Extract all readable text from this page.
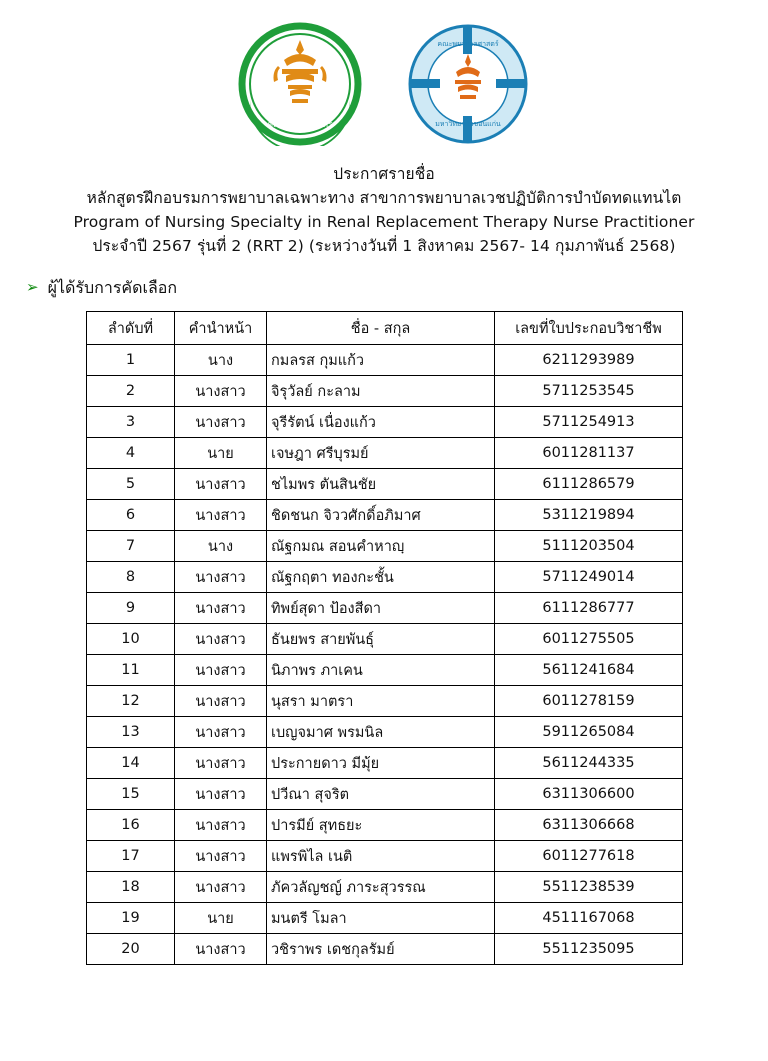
คณะแพทยศาสตร์
คณะพยาบาลศาสตร์
มหาวิทยาลัยขอนแก่น
ประกาศรายชื่อ
หลักสูตรฝึกอบรมการพยาบาลเฉพาะทาง สาขาการพยาบาลเวชปฏิบัติการบำบัดทดแทนไต
Program of Nursing Specialty in Renal Replacement Therapy Nurse Practitioner
ประจำปี 2567 รุ่นที่ 2 (RRT 2) (ระหว่างวันที่ 1 สิงหาคม 2567- 14 กุมภาพันธ์ 2568)
➢ ผู้ได้รับการคัดเลือก
ลำดับที่	คำนำหน้า	ชื่อ - สกุล	เลขที่ใบประกอบวิชาชีพ
1	นาง	กมลรส กุมแก้ว	6211293989
2	นางสาว	จิรุวัลย์ กะลาม	5711253545
3	นางสาว	จุรีรัตน์ เนื่องแก้ว	5711254913
4	นาย	เจษฎา ศรีบุรมย์	6011281137
5	นางสาว	ชไมพร ตันสินชัย	6111286579
6	นางสาว	ชิดชนก จิววศักดิ์อภิมาศ	5311219894
7	นาง	ณัฐกมณ สอนคำหาญฺ	5111203504
8	นางสาว	ณัฐกฤตา ทองกะชั้น	5711249014
9	นางสาว	ทิพย์สุดา ป้องสีดา	6111286777
10	นางสาว	ธันยพร สายพันธุ์	6011275505
11	นางสาว	นิภาพร ภาเคน	5611241684
12	นางสาว	นุสรา มาตรา	6011278159
13	นางสาว	เบญจมาศ พรมนิล	5911265084
14	นางสาว	ประกายดาว มีมุ้ย	5611244335
15	นางสาว	ปวีณา สุจริต	6311306600
16	นางสาว	ปารมีย์ สุทธยะ	6311306668
17	นางสาว	แพรพิไล เนติ	6011277618
18	นางสาว	ภัควลัญชญ์ ภาระสุวรรณ	5511238539
19	นาย	มนตรี โมลา	4511167068
20	นางสาว	วชิราพร เดชกุลรัมย์	5511235095
